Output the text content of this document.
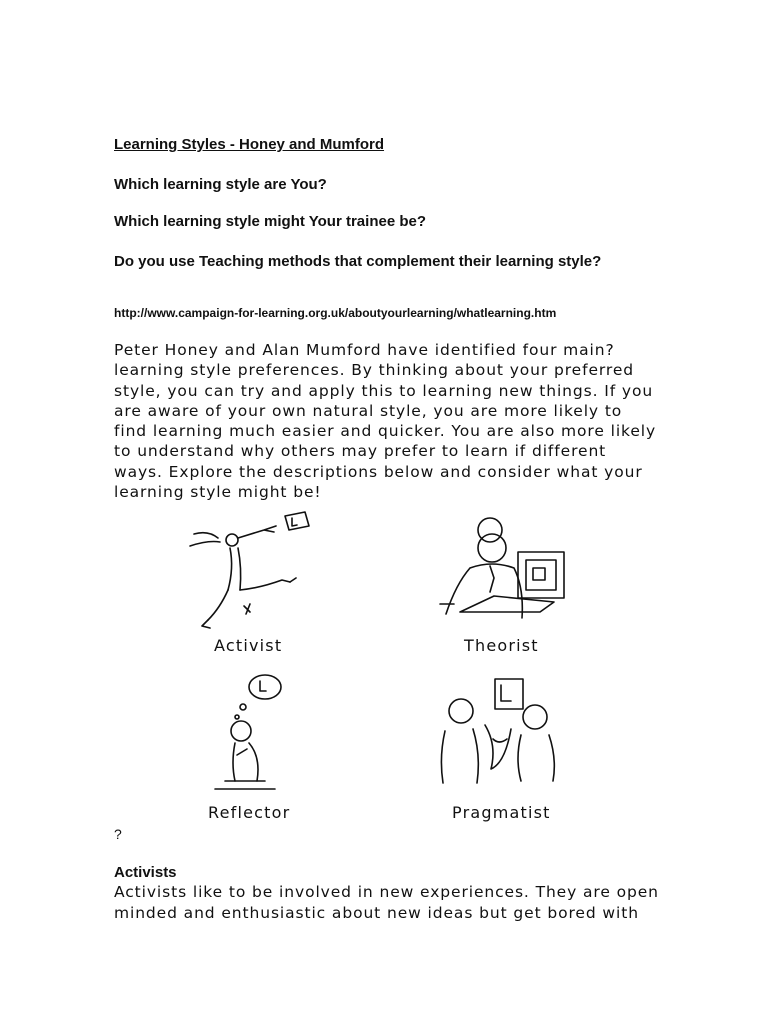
Learning Styles - Honey and Mumford
Which learning style are You?
Which learning style might Your trainee be?
Do you use Teaching methods that complement their learning style?
http://www.campaign-for-learning.org.uk/aboutyourlearning/whatlearning.htm
Peter Honey and Alan Mumford have identified four main?learning style preferences. By thinking about your preferred style, you can try and apply this to learning new things. If you are aware of your own natural style, you are more likely to find learning much easier and quicker. You are also more likely to understand why others may prefer to learn if different ways. Explore the descriptions below and consider what your learning style might be!
Activist	Theorist
Reflector	Pragmatist
?
Activists
Activists like to be involved in new experiences. They are open minded and enthusiastic about new ideas but get bored with
